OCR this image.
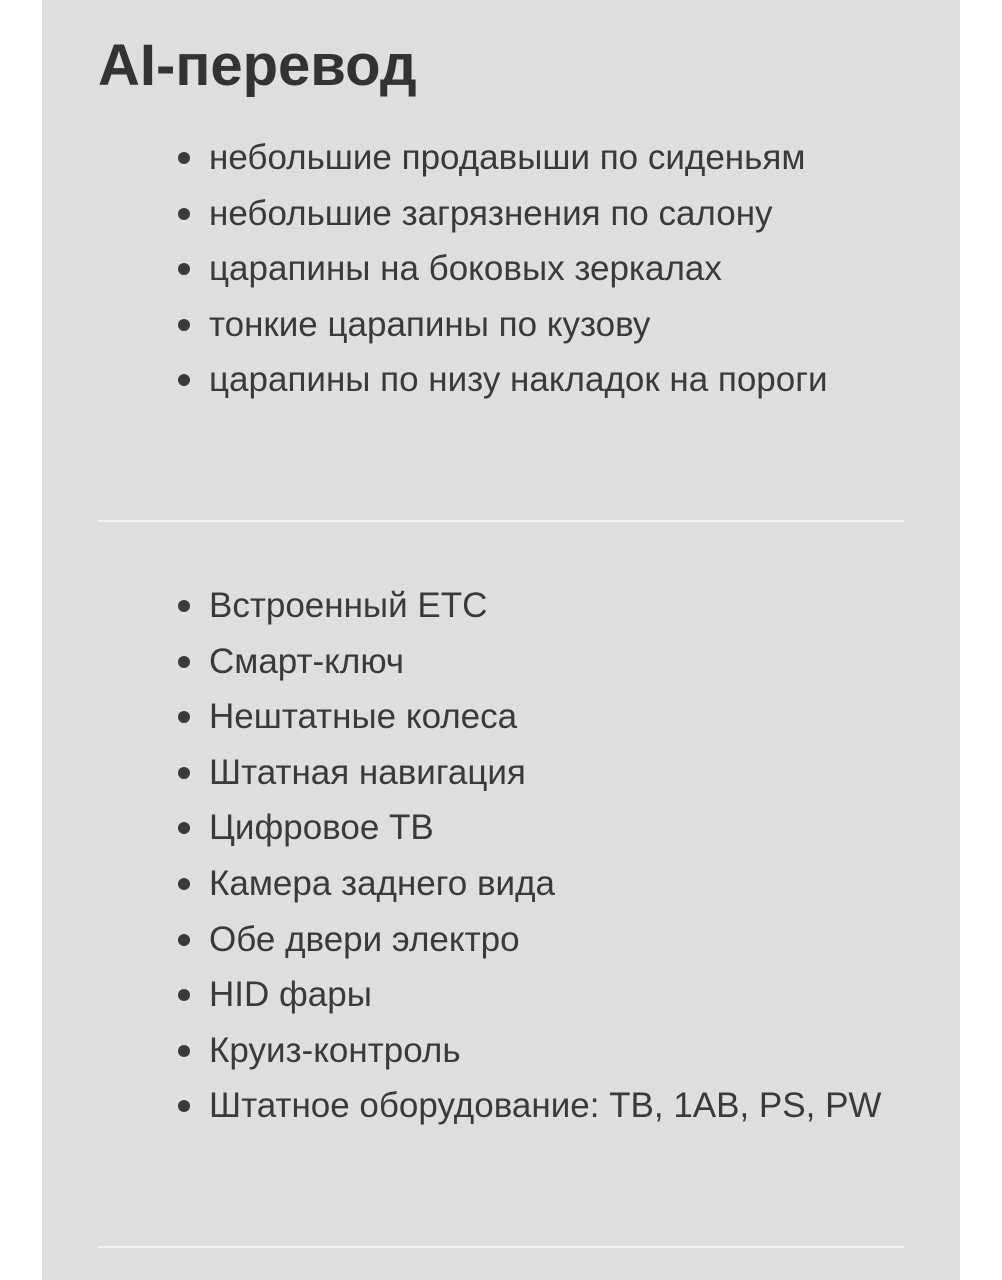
AI-перевод
небольшие продавыши по сиденьям
небольшие загрязнения по салону
царапины на боковых зеркалах
тонкие царапины по кузову
царапины по низу накладок на пороги
Встроенный ETC
Смарт-ключ
Нештатные колеса
Штатная навигация
Цифровое ТВ
Камера заднего вида
Обе двери электро
HID фары
Круиз-контроль
Штатное оборудование: TB, 1AB, PS, PW
